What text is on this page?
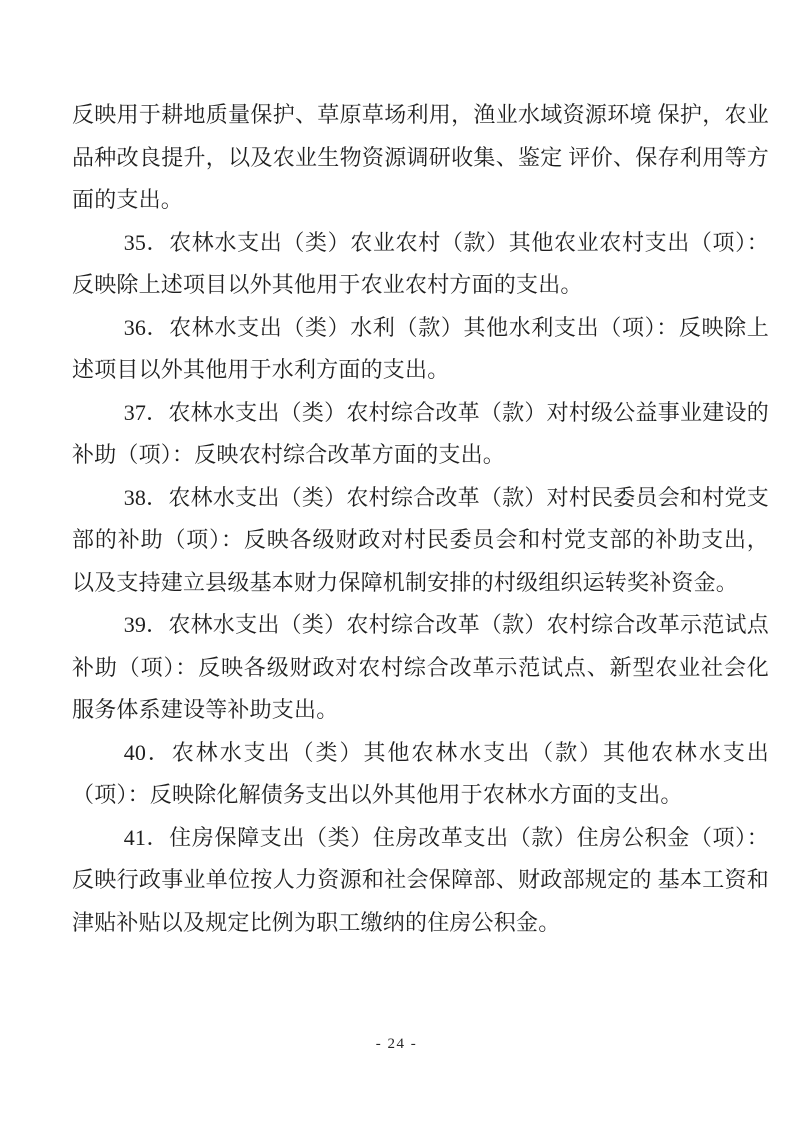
反映用于耕地质量保护、草原草场利用，渔业水域资源环境 保护，农业品种改良提升，以及农业生物资源调研收集、鉴定 评价、保存利用等方面的支出。

35．农林水支出（类）农业农村（款）其他农业农村支出（项）：反映除上述项目以外其他用于农业农村方面的支出。

36．农林水支出（类）水利（款）其他水利支出（项）：反映除上述项目以外其他用于水利方面的支出。

37．农林水支出（类）农村综合改革（款）对村级公益事业建设的补助（项）：反映农村综合改革方面的支出。

38．农林水支出（类）农村综合改革（款）对村民委员会和村党支部的补助（项）：反映各级财政对村民委员会和村党支部的补助支出，以及支持建立县级基本财力保障机制安排的村级组织运转奖补资金。

39．农林水支出（类）农村综合改革（款）农村综合改革示范试点补助（项）：反映各级财政对农村综合改革示范试点、新型农业社会化服务体系建设等补助支出。

40．农林水支出（类）其他农林水支出（款）其他农林水支出（项）：反映除化解债务支出以外其他用于农林水方面的支出。

41．住房保障支出（类）住房改革支出（款）住房公积金（项）：反映行政事业单位按人力资源和社会保障部、财政部规定的 基本工资和津贴补贴以及规定比例为职工缴纳的住房公积金。

- 24 -
